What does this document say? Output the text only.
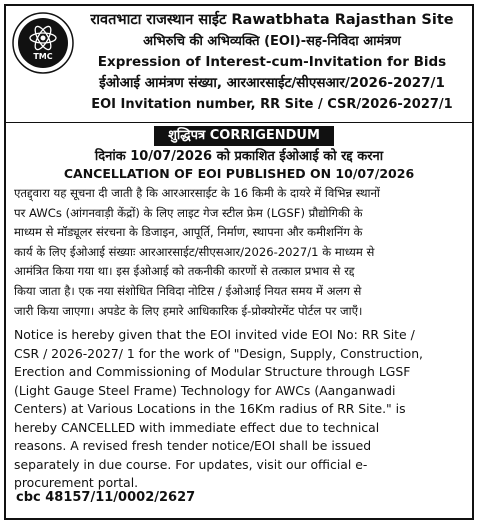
TMC
रावतभाटा राजस्थान साईट Rawatbhata Rajasthan Site
अभिरुचि की अभिव्यक्ति (EOI)-सह-निविदा आमंत्रण
Expression of Interest-cum-Invitation for Bids
ईओआई आमंत्रण संख्या, आरआरसाईट/सीएसआर/2026-2027/1
EOI Invitation number, RR Site / CSR/2026-2027/1
शुद्धिपत्र CORRIGENDUM
दिनांक 10/07/2026 को प्रकाशित ईओआई को रद्द करना
CANCELLATION OF EOI PUBLISHED ON 10/07/2026
एतद्द्वारा यह सूचना दी जाती है कि आरआरसाईट के 16 किमी के दायरे में विभिन्न स्थानों
पर AWCs (आंगनवाड़ी केंद्रों) के लिए लाइट गेज स्टील फ्रेम (LGSF) प्रौद्योगिकी के
माध्यम से मॉड्यूलर संरचना के डिजाइन, आपूर्ति, निर्माण, स्थापना और कमीशनिंग के
कार्य के लिए ईओआई संख्याः आरआरसाईट/सीएसआर/2026-2027/1 के माध्यम से
आमंत्रित किया गया था। इस ईओआई को तकनीकी कारणों से तत्काल प्रभाव से रद्द
किया जाता है। एक नया संशोधित निविदा नोटिस / ईओआई नियत समय में अलग से
जारी किया जाएगा। अपडेट के लिए हमारे आधिकारिक ई-प्रोक्योरमेंट पोर्टल पर जाएँ।
Notice is hereby given that the EOI invited vide EOI No: RR Site /
CSR / 2026-2027/ 1 for the work of "Design, Supply, Construction,
Erection and Commissioning of Modular Structure through LGSF
(Light Gauge Steel Frame) Technology for AWCs (Aanganwadi
Centers) at Various Locations in the 16Km radius of RR Site." is
hereby CANCELLED with immediate effect due to technical
reasons. A revised fresh tender notice/EOI shall be issued
separately in due course. For updates, visit our official e-
procurement portal.
cbc 48157/11/0002/2627
